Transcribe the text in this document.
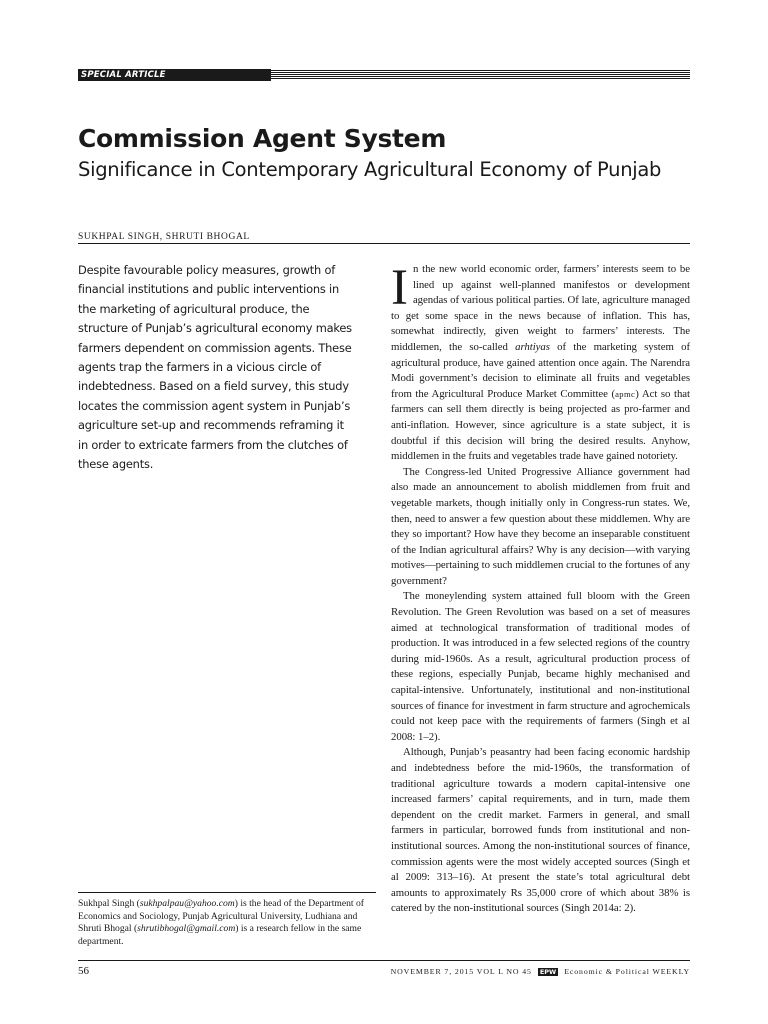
SPECIAL ARTICLE
Commission Agent System
Significance in Contemporary Agricultural Economy of Punjab
SUKHPAL SINGH, SHRUTI BHOGAL

Despite favourable policy measures, growth of financial institutions and public interventions in the marketing of agricultural produce, the structure of Punjab’s agricultural economy makes farmers dependent on commission agents. These agents trap the farmers in a vicious circle of indebtedness. Based on a field survey, this study locates the commission agent system in Punjab’s agriculture set-up and recommends reframing it in order to extricate farmers from the clutches of these agents.

Sukhpal Singh (sukhpalpau@yahoo.com) is the head of the Department of Economics and Sociology, Punjab Agricultural University, Ludhiana and Shruti Bhogal (shrutibhogal@gmail.com) is a research fellow in the same department.

In the new world economic order, farmers’ interests seem to be lined up against well-planned manifestos or development agendas of various political parties. Of late, agriculture managed to get some space in the news because of inflation. This has, somewhat indirectly, given weight to farmers’ interests. The middlemen, the so-called arhtiyas of the marketing system of agricultural produce, have gained attention once again. The Narendra Modi government’s decision to eliminate all fruits and vegetables from the Agricultural Produce Market Committee (apmc) Act so that farmers can sell them directly is being projected as pro-farmer and anti-inflation. However, since agriculture is a state subject, it is doubtful if this decision will bring the desired results. Anyhow, middlemen in the fruits and vegetables trade have gained notoriety.

The Congress-led United Progressive Alliance government had also made an announcement to abolish middlemen from fruit and vegetable markets, though initially only in Congress-run states. We, then, need to answer a few question about these middlemen. Why are they so important? How have they become an inseparable constituent of the Indian agricultural affairs? Why is any decision—with varying motives—pertaining to such middlemen crucial to the fortunes of any government?

The moneylending system attained full bloom with the Green Revolution. The Green Revolution was based on a set of measures aimed at technological transformation of traditional modes of production. It was introduced in a few selected regions of the country during mid-1960s. As a result, agricultural production process of these regions, especially Punjab, became highly mechanised and capital-intensive. Unfortunately, institutional and non-institutional sources of finance for investment in farm structure and agrochemicals could not keep pace with the requirements of farmers (Singh et al 2008: 1–2).

Although, Punjab’s peasantry had been facing economic hardship and indebtedness before the mid-1960s, the transformation of traditional agriculture towards a modern capital-intensive one increased farmers’ capital requirements, and in turn, made them dependent on the credit market. Farmers in general, and small farmers in particular, borrowed funds from institutional and non-institutional sources. Among the non-institutional sources of finance, commission agents were the most widely accepted sources (Singh et al 2009: 313–16). At present the state’s total agricultural debt amounts to approximately Rs 35,000 crore of which about 38% is catered by the non-institutional sources (Singh 2014a: 2).

56	NOVEMBER 7, 2015 VOL L NO 45	EPW Economic & Political WEEKLY
